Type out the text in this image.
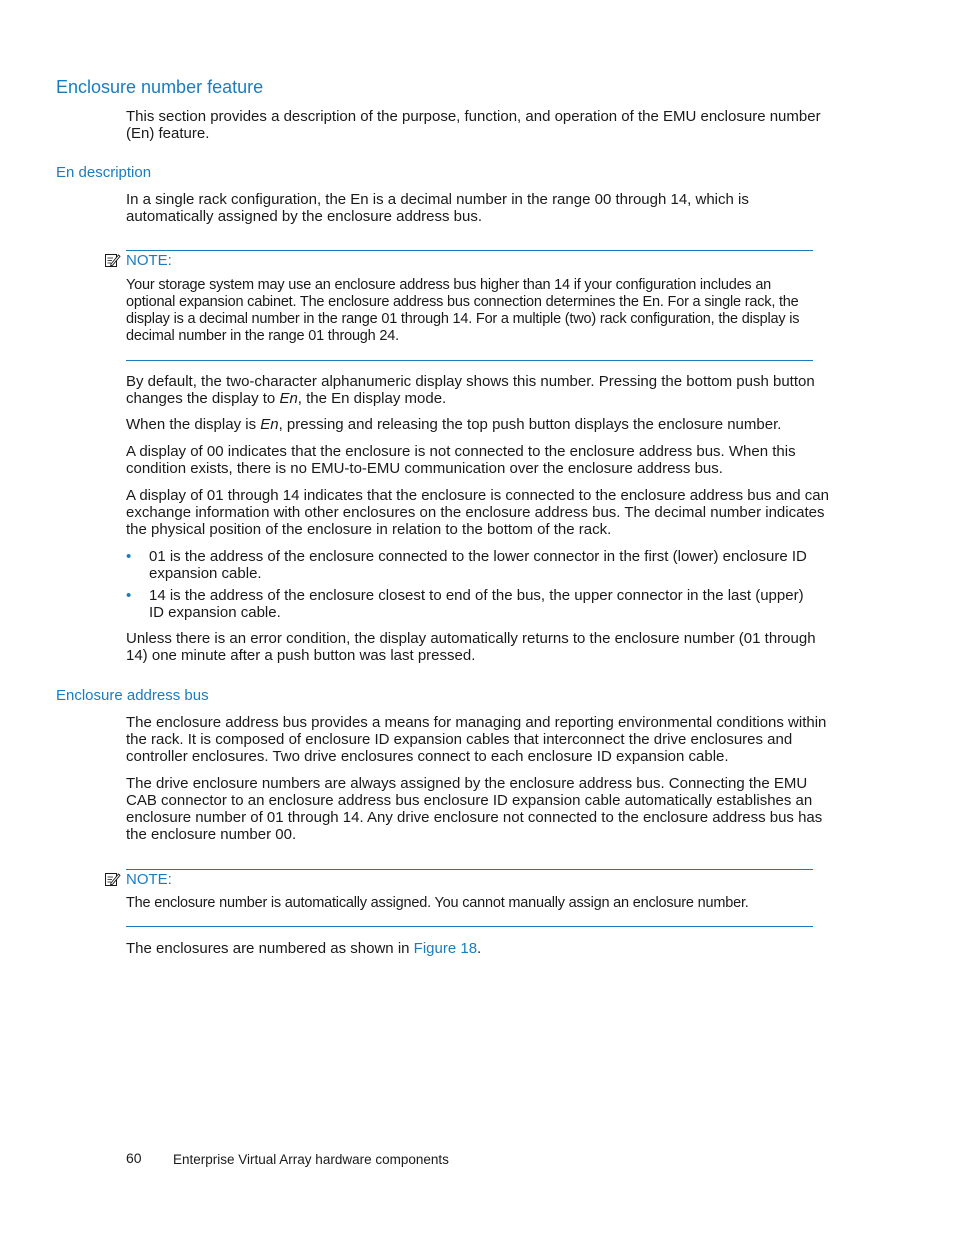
Enclosure number feature

This section provides a description of the purpose, function, and operation of the EMU enclosure number (En) feature.

En description

In a single rack configuration, the En is a decimal number in the range 00 through 14, which is automatically assigned by the enclosure address bus.

NOTE:

Your storage system may use an enclosure address bus higher than 14 if your configuration includes an optional expansion cabinet. The enclosure address bus connection determines the En. For a single rack, the display is a decimal number in the range 01 through 14. For a multiple (two) rack configuration, the display is decimal number in the range 01 through 24.

By default, the two-character alphanumeric display shows this number. Pressing the bottom push button changes the display to En, the En display mode.

When the display is En, pressing and releasing the top push button displays the enclosure number.

A display of 00 indicates that the enclosure is not connected to the enclosure address bus. When this condition exists, there is no EMU-to-EMU communication over the enclosure address bus.

A display of 01 through 14 indicates that the enclosure is connected to the enclosure address bus and can exchange information with other enclosures on the enclosure address bus. The decimal number indicates the physical position of the enclosure in relation to the bottom of the rack.

• 01 is the address of the enclosure connected to the lower connector in the first (lower) enclosure ID expansion cable.
• 14 is the address of the enclosure closest to end of the bus, the upper connector in the last (upper) ID expansion cable.

Unless there is an error condition, the display automatically returns to the enclosure number (01 through 14) one minute after a push button was last pressed.

Enclosure address bus

The enclosure address bus provides a means for managing and reporting environmental conditions within the rack. It is composed of enclosure ID expansion cables that interconnect the drive enclosures and controller enclosures. Two drive enclosures connect to each enclosure ID expansion cable.

The drive enclosure numbers are always assigned by the enclosure address bus. Connecting the EMU CAB connector to an enclosure address bus enclosure ID expansion cable automatically establishes an enclosure number of 01 through 14. Any drive enclosure not connected to the enclosure address bus has the enclosure number 00.

NOTE:

The enclosure number is automatically assigned. You cannot manually assign an enclosure number.

The enclosures are numbered as shown in Figure 18.

60 Enterprise Virtual Array hardware components
